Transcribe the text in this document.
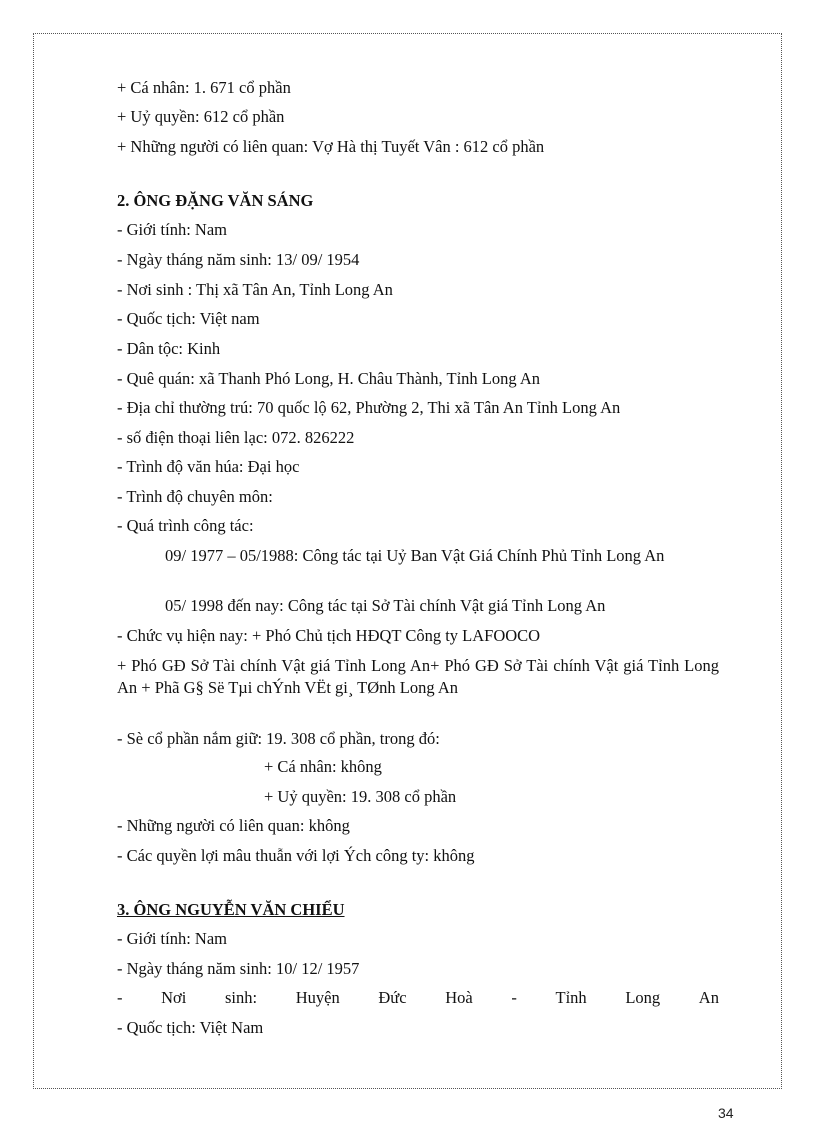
+ Cá nhân: 1. 671 cổ phần
+ Uỷ quyền: 612 cổ phần
+ Những người có liên quan: Vợ Hà thị Tuyết Vân : 612 cổ phần
2. ÔNG ĐẶNG VĂN SÁNG
- Giới tính: Nam
- Ngày tháng năm sinh: 13/ 09/ 1954
- Nơi sinh : Thị xã Tân An, Tỉnh Long An
- Quốc tịch: Việt nam
- Dân tộc: Kinh
- Quê quán: xã Thanh Phó Long, H. Châu Thành, Tỉnh Long An
- Địa chỉ thường trú: 70 quốc lộ 62, Phường 2, Thi xã Tân An Tỉnh Long An
- số điện thoại liên lạc: 072. 826222
- Trình độ văn húa: Đại học
- Trình độ chuyên môn:
- Quá trình công tác:
09/ 1977 – 05/1988: Công tác tại Uỷ Ban Vật Giá Chính Phủ Tỉnh Long An
05/ 1998 đến nay: Công tác tại Sở Tài chính Vật giá Tỉnh Long An
- Chức vụ hiện nay: + Phó Chủ tịch HĐQT Công ty LAFOOCO
+ Phó GĐ Sở Tài chính Vật giá Tỉnh Long An+ Phó GĐ Sở Tài chính Vật giá Tỉnh Long An + Phã G§ Së Tµi chÝnh VËt gi¸ TØnh Long An
- Sè cổ phần nắm giữ: 19. 308 cổ phần, trong đó:
+ Cá nhân: không
+ Uỷ quyền: 19. 308 cổ phần
- Những người có liên quan: không
- Các quyền lợi mâu thuẫn với lợi Ých công ty: không
3. ÔNG NGUYỄN VĂN CHIỂU
- Giới tính: Nam
- Ngày tháng năm sinh: 10/ 12/ 1957
- Nơi sinh: Huyện Đức Hoà - Tỉnh Long An
- Quốc tịch: Việt Nam
34
